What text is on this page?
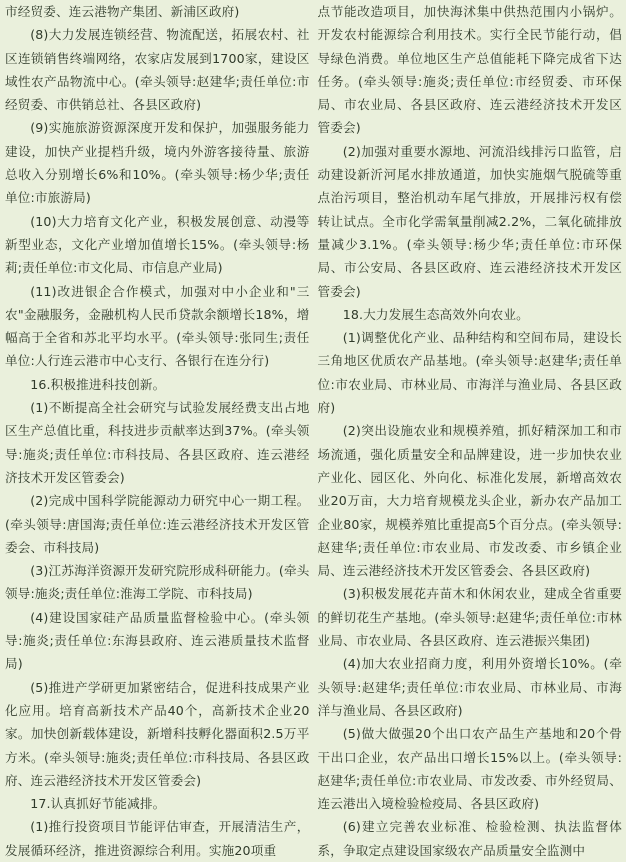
市经贸委、连云港物产集团、新浦区政府)

(8)大力发展连锁经营、物流配送，拓展农村、社区连锁销售终端网络，农家店发展到1700家，建设区域性农产品物流中心。(牵头领导:赵建华;责任单位:市经贸委、市供销总社、各县区政府)

(9)实施旅游资源深度开发和保护，加强服务能力建设，加快产业提档升级，境内外游客接待量、旅游总收入分别增长6%和10%。(牵头领导:杨少华;责任单位:市旅游局)

(10)大力培育文化产业，积极发展创意、动漫等新型业态，文化产业增加值增长15%。(牵头领导:杨莉;责任单位:市文化局、市信息产业局)

(11)改进银企合作模式，加强对中小企业和"三农"金融服务，金融机构人民币贷款余额增长18%，增幅高于全省和苏北平均水平。(牵头领导:张同生;责任单位:人行连云港市中心支行、各银行在连分行)

16.积极推进科技创新。

(1)不断提高全社会研究与试验发展经费支出占地区生产总值比重，科技进步贡献率达到37%。(牵头领导:施炎;责任单位:市科技局、各县区政府、连云港经济技术开发区管委会)

(2)完成中国科学院能源动力研究中心一期工程。(牵头领导:唐国海;责任单位:连云港经济技术开发区管委会、市科技局)

(3)江苏海洋资源开发研究院形成科研能力。(牵头领导:施炎;责任单位:淮海工学院、市科技局)

(4)建设国家硅产品质量监督检验中心。(牵头领导:施炎;责任单位:东海县政府、连云港质量技术监督局)

(5)推进产学研更加紧密结合，促进科技成果产业化应用。培育高新技术产品40个，高新技术企业20家。加快创新载体建设，新增科技孵化器面积2.5万平方米。(牵头领导:施炎;责任单位:市科技局、各县区政府、连云港经济技术开发区管委会)

17.认真抓好节能减排。

(1)推行投资项目节能评估审查，开展清洁生产，发展循环经济，推进资源综合利用。实施20项重

点节能改造项目，加快海沭集中供热范围内小锅炉。开发农村能源综合利用技术。实行全民节能行动，倡导绿色消费。单位地区生产总值能耗下降完成省下达任务。(牵头领导:施炎;责任单位:市经贸委、市环保局、市农业局、各县区政府、连云港经济技术开发区管委会)

(2)加强对重要水源地、河流沿线排污口监管，启动建设新沂河尾水排放通道，加快实施烟气脱硫等重点治污项目，整治机动车尾气排放，开展排污权有偿转让试点。全市化学需氧量削减2.2%，二氧化硫排放量减少3.1%。(牵头领导:杨少华;责任单位:市环保局、市公安局、各县区政府、连云港经济技术开发区管委会)

18.大力发展生态高效外向农业。

(1)调整优化产业、品种结构和空间布局，建设长三角地区优质农产品基地。(牵头领导:赵建华;责任单位:市农业局、市林业局、市海洋与渔业局、各县区政府)

(2)突出设施农业和规模养殖，抓好精深加工和市场流通，强化质量安全和品牌建设，进一步加快农业产业化、园区化、外向化、标准化发展，新增高效农业20万亩，大力培育规模龙头企业，新办农产品加工企业80家，规模养殖比重提高5个百分点。(牵头领导:赵建华;责任单位:市农业局、市发改委、市乡镇企业局、连云港经济技术开发区管委会、各县区政府)

(3)积极发展花卉苗木和休闲农业，建成全省重要的鲜切花生产基地。(牵头领导:赵建华;责任单位:市林业局、市农业局、各县区政府、连云港振兴集团)

(4)加大农业招商力度，利用外资增长10%。(牵头领导:赵建华;责任单位:市农业局、市林业局、市海洋与渔业局、各县区政府)

(5)做大做强20个出口农产品生产基地和20个骨干出口企业，农产品出口增长15%以上。(牵头领导:赵建华;责任单位:市农业局、市发改委、市外经贸局、连云港出入境检验检疫局、各县区政府)

(6)建立完善农业标准、检验检测、执法监督体系，争取定点建设国家级农产品质量安全监测中
